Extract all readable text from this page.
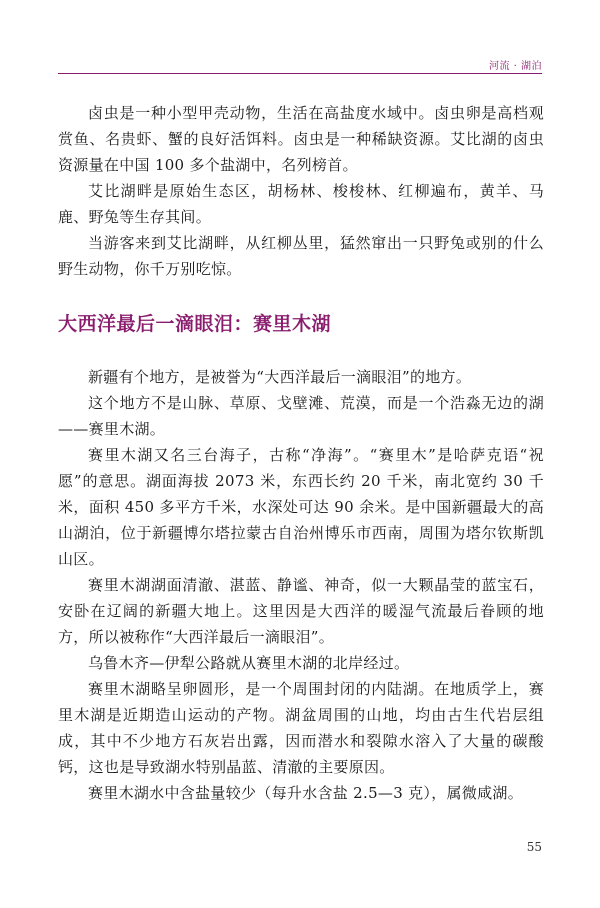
河流 · 湖泊

卤虫是一种小型甲壳动物，生活在高盐度水域中。卤虫卵是高档观赏鱼、名贵虾、蟹的良好活饵料。卤虫是一种稀缺资源。艾比湖的卤虫资源量在中国 100 多个盐湖中，名列榜首。

艾比湖畔是原始生态区，胡杨林、梭梭林、红柳遍布，黄羊、马鹿、野兔等生存其间。

当游客来到艾比湖畔，从红柳丛里，猛然窜出一只野兔或别的什么野生动物，你千万别吃惊。

大西洋最后一滴眼泪：赛里木湖

新疆有个地方，是被誉为“大西洋最后一滴眼泪”的地方。

这个地方不是山脉、草原、戈壁滩、荒漠，而是一个浩淼无边的湖——赛里木湖。

赛里木湖又名三台海子，古称“净海”。“赛里木”是哈萨克语“祝愿”的意思。湖面海拔 2073 米，东西长约 20 千米，南北宽约 30 千米，面积 450 多平方千米，水深处可达 90 余米。是中国新疆最大的高山湖泊，位于新疆博尔塔拉蒙古自治州博乐市西南，周围为塔尔钦斯凯山区。

赛里木湖湖面清澈、湛蓝、静谧、神奇，似一大颗晶莹的蓝宝石，安卧在辽阔的新疆大地上。这里因是大西洋的暖湿气流最后眷顾的地方，所以被称作“大西洋最后一滴眼泪”。

乌鲁木齐—伊犁公路就从赛里木湖的北岸经过。

赛里木湖略呈卵圆形，是一个周围封闭的内陆湖。在地质学上，赛里木湖是近期造山运动的产物。湖盆周围的山地，均由古生代岩层组成，其中不少地方石灰岩出露，因而潜水和裂隙水溶入了大量的碳酸钙，这也是导致湖水特别晶蓝、清澈的主要原因。

赛里木湖水中含盐量较少（每升水含盐 2.5—3 克），属微咸湖。

55
